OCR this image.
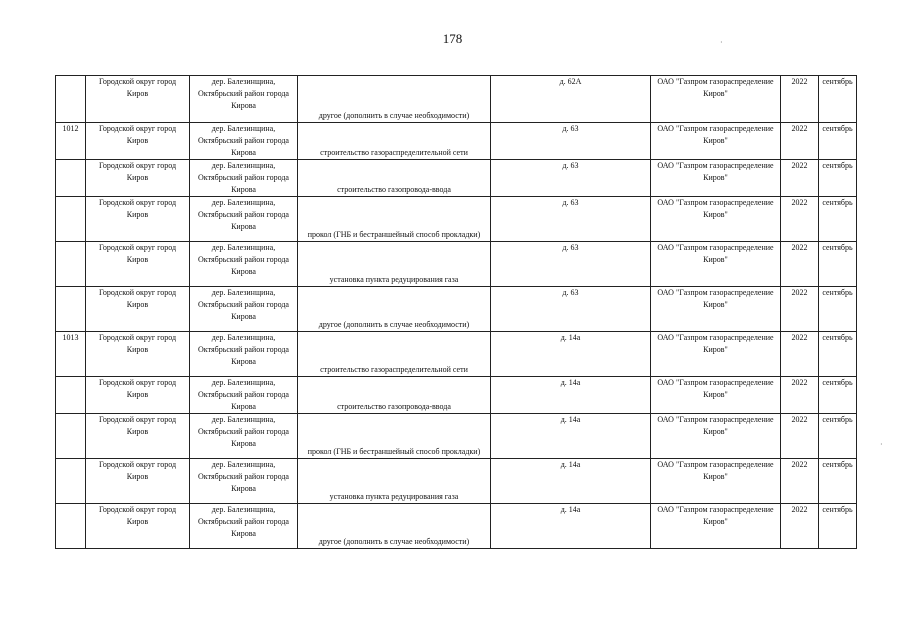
178
	Городской округ город Киров	дер. Балезинщина, Октябрьский район города Кирова	другое (дополнить в случае необходимости)	д. 62А	ОАО "Газпром газораспределение Киров"	2022	сентябрь
1012	Городской округ город Киров	дер. Балезинщина, Октябрьский район города Кирова	строительство газораспределительной сети	д. 63	ОАО "Газпром газораспределение Киров"	2022	сентябрь
	Городской округ город Киров	дер. Балезинщина, Октябрьский район города Кирова	строительство газопровода-ввода	д. 63	ОАО "Газпром газораспределение Киров"	2022	сентябрь
	Городской округ город Киров	дер. Балезинщина, Октябрьский район города Кирова	прокол (ГНБ и бестраншейный способ прокладки)	д. 63	ОАО "Газпром газораспределение Киров"	2022	сентябрь
	Городской округ город Киров	дер. Балезинщина, Октябрьский район города Кирова	установка пункта редуцирования газа	д. 63	ОАО "Газпром газораспределение Киров"	2022	сентябрь
	Городской округ город Киров	дер. Балезинщина, Октябрьский район города Кирова	другое (дополнить в случае необходимости)	д. 63	ОАО "Газпром газораспределение Киров"	2022	сентябрь
1013	Городской округ город Киров	дер. Балезинщина, Октябрьский район города Кирова	строительство газораспределительной сети	д. 14а	ОАО "Газпром газораспределение Киров"	2022	сентябрь
	Городской округ город Киров	дер. Балезинщина, Октябрьский район города Кирова	строительство газопровода-ввода	д. 14а	ОАО "Газпром газораспределение Киров"	2022	сентябрь
	Городской округ город Киров	дер. Балезинщина, Октябрьский район города Кирова	прокол (ГНБ и бестраншейный способ прокладки)	д. 14а	ОАО "Газпром газораспределение Киров"	2022	сентябрь
	Городской округ город Киров	дер. Балезинщина, Октябрьский район города Кирова	установка пункта редуцирования газа	д. 14а	ОАО "Газпром газораспределение Киров"	2022	сентябрь
	Городской округ город Киров	дер. Балезинщина, Октябрьский район города Кирова	другое (дополнить в случае необходимости)	д. 14а	ОАО "Газпром газораспределение Киров"	2022	сентябрь
·
·
